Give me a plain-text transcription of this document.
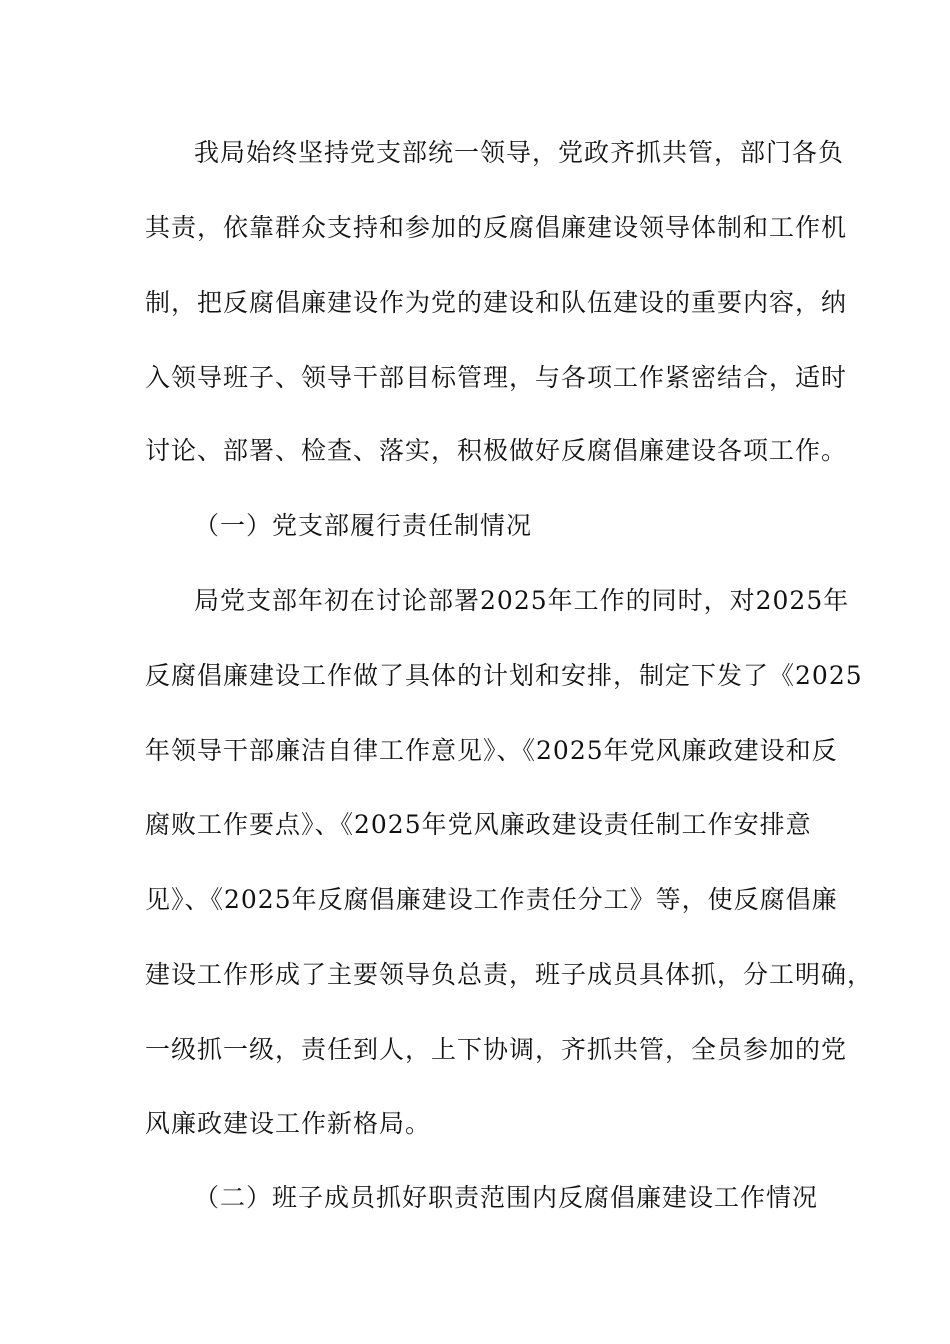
我局始终坚持党支部统一领导，党政齐抓共管，部门各负
其责，依靠群众支持和参加的反腐倡廉建设领导体制和工作机
制，把反腐倡廉建设作为党的建设和队伍建设的重要内容，纳
入领导班子、领导干部目标管理，与各项工作紧密结合，适时
讨论、部署、检查、落实，积极做好反腐倡廉建设各项工作。
（一）党支部履行责任制情况
局党支部年初在讨论部署2025年工作的同时，对2025年
反腐倡廉建设工作做了具体的计划和安排，制定下发了《2025
年领导干部廉洁自律工作意见》、《2025年党风廉政建设和反
腐败工作要点》、《2025年党风廉政建设责任制工作安排意
见》、《2025年反腐倡廉建设工作责任分工》等，使反腐倡廉
建设工作形成了主要领导负总责，班子成员具体抓，分工明确，
一级抓一级，责任到人，上下协调，齐抓共管，全员参加的党
风廉政建设工作新格局。
（二）班子成员抓好职责范围内反腐倡廉建设工作情况
